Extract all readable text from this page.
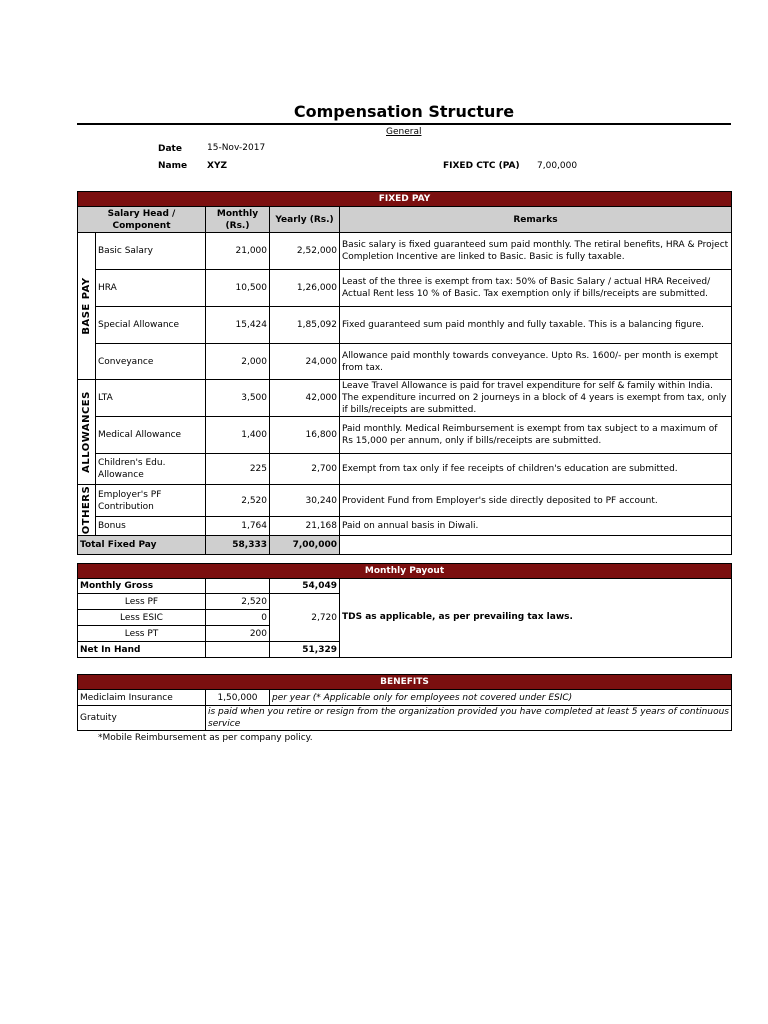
Compensation Structure
General
Date	15-Nov-2017
Name XYZ	FIXED CTC (PA) 7,00,000
FIXED PAY				
Salary Head / Component		Monthly (Rs.)	Yearly (Rs.)	Remarks

BASE PAY	Basic Salary	21,000	2,52,000	Basic salary is fixed guaranteed sum paid monthly. The retiral benefits, HRA & Project Completion Incentive are linked to Basic. Basic is fully taxable.
	HRA	10,500	1,26,000	Least of the three is exempt from tax: 50% of Basic Salary / actual HRA Received/ Actual Rent less 10 % of Basic. Tax exemption only if bills/receipts are submitted.
	Special Allowance	15,424	1,85,092	Fixed guaranteed sum paid monthly and fully taxable. This is a balancing figure.
	Conveyance	2,000	24,000	Allowance paid monthly towards conveyance. Upto Rs. 1600/- per month is exempt from tax.

ALLOWANCES	LTA	3,500	42,000	Leave Travel Allowance is paid for travel expenditure for self & family within India. The expenditure incurred on 2 journeys in a block of 4 years is exempt from tax, only if bills/receipts are submitted.
	Medical Allowance	1,400	16,800	Paid monthly. Medical Reimbursement is exempt from tax subject to a maximum of Rs 15,000 per annum, only if bills/receipts are submitted.
	Children's Edu. Allowance	225	2,700	Exempt from tax only if fee receipts of children's education are submitted.

OTHERS	Employer's PF Contribution	2,520	30,240	Provident Fund from Employer's side directly deposited to PF account.
	Bonus	1,764	21,168	Paid on annual basis in Diwali.
Total Fixed Pay		58,333	7,00,000	
Monthly Payout			
Monthly Gross		54,049	TDS as applicable, as per prevailing tax laws.
Less PF	2,520	2,720	
Less ESIC	0		
Less PT	200		
Net In Hand		51,329	
BENEFITS		
Mediclaim Insurance	1,50,000	per year (* Applicable only for employees not covered under ESIC)
Gratuity	is paid when you retire or resign from the organization provided you have completed at least 5 years of continuous service	
*Mobile Reimbursement as per company policy.
